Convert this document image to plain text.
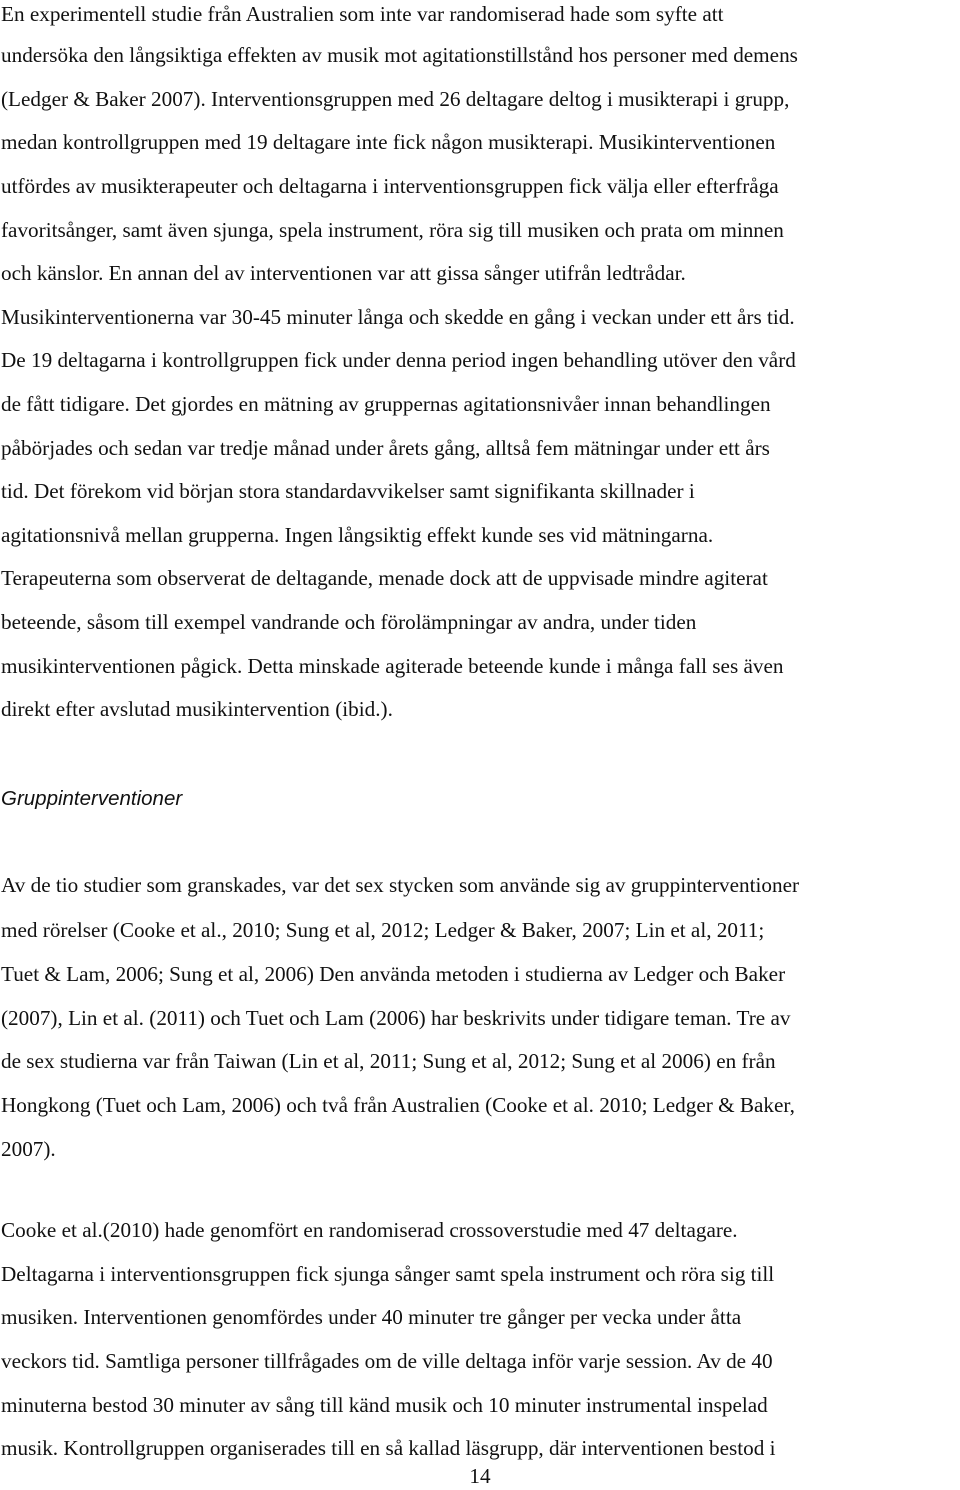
En experimentell studie från Australien som inte var randomiserad hade som syfte att
undersöka den långsiktiga effekten av musik mot agitationstillstånd hos personer med demens
(Ledger & Baker 2007). Interventionsgruppen med 26 deltagare deltog i musikterapi i grupp,
medan kontrollgruppen med 19 deltagare inte fick någon musikterapi. Musikinterventionen
utfördes av musikterapeuter och deltagarna i interventionsgruppen fick välja eller efterfråga
favoritsånger, samt även sjunga, spela instrument, röra sig till musiken och prata om minnen
och känslor. En annan del av interventionen var att gissa sånger utifrån ledtrådar.
Musikinterventionerna var 30-45 minuter långa och skedde en gång i veckan under ett års tid.
De 19 deltagarna i kontrollgruppen fick under denna period ingen behandling utöver den vård
de fått tidigare. Det gjordes en mätning av gruppernas agitationsnivåer innan behandlingen
påbörjades och sedan var tredje månad under årets gång, alltså fem mätningar under ett års
tid. Det förekom vid början stora standardavvikelser samt signifikanta skillnader i
agitationsnivå mellan grupperna. Ingen långsiktig effekt kunde ses vid mätningarna.
Terapeuterna som observerat de deltagande, menade dock att de uppvisade mindre agiterat
beteende, såsom till exempel vandrande och förolämpningar av andra, under tiden
musikinterventionen pågick. Detta minskade agiterade beteende kunde i många fall ses även
direkt efter avslutad musikintervention (ibid.).
Gruppinterventioner
Av de tio studier som granskades, var det sex stycken som använde sig av gruppinterventioner
med rörelser (Cooke et al., 2010; Sung et al, 2012; Ledger & Baker, 2007; Lin et al, 2011;
Tuet & Lam, 2006; Sung et al, 2006) Den använda metoden i studierna av Ledger och Baker
(2007), Lin et al. (2011) och Tuet och Lam (2006) har beskrivits under tidigare teman. Tre av
de sex studierna var från Taiwan (Lin et al, 2011; Sung et al, 2012; Sung et al 2006) en från
Hongkong (Tuet och Lam, 2006) och två från Australien (Cooke et al. 2010; Ledger & Baker,
2007).
Cooke et al.(2010) hade genomfört en randomiserad crossoverstudie med 47 deltagare.
Deltagarna i interventionsgruppen fick sjunga sånger samt spela instrument och röra sig till
musiken. Interventionen genomfördes under 40 minuter tre gånger per vecka under åtta
veckors tid. Samtliga personer tillfrågades om de ville deltaga inför varje session. Av de 40
minuterna bestod 30 minuter av sång till känd musik och 10 minuter instrumental inspelad
musik. Kontrollgruppen organiserades till en så kallad läsgrupp, där interventionen bestod i
14
